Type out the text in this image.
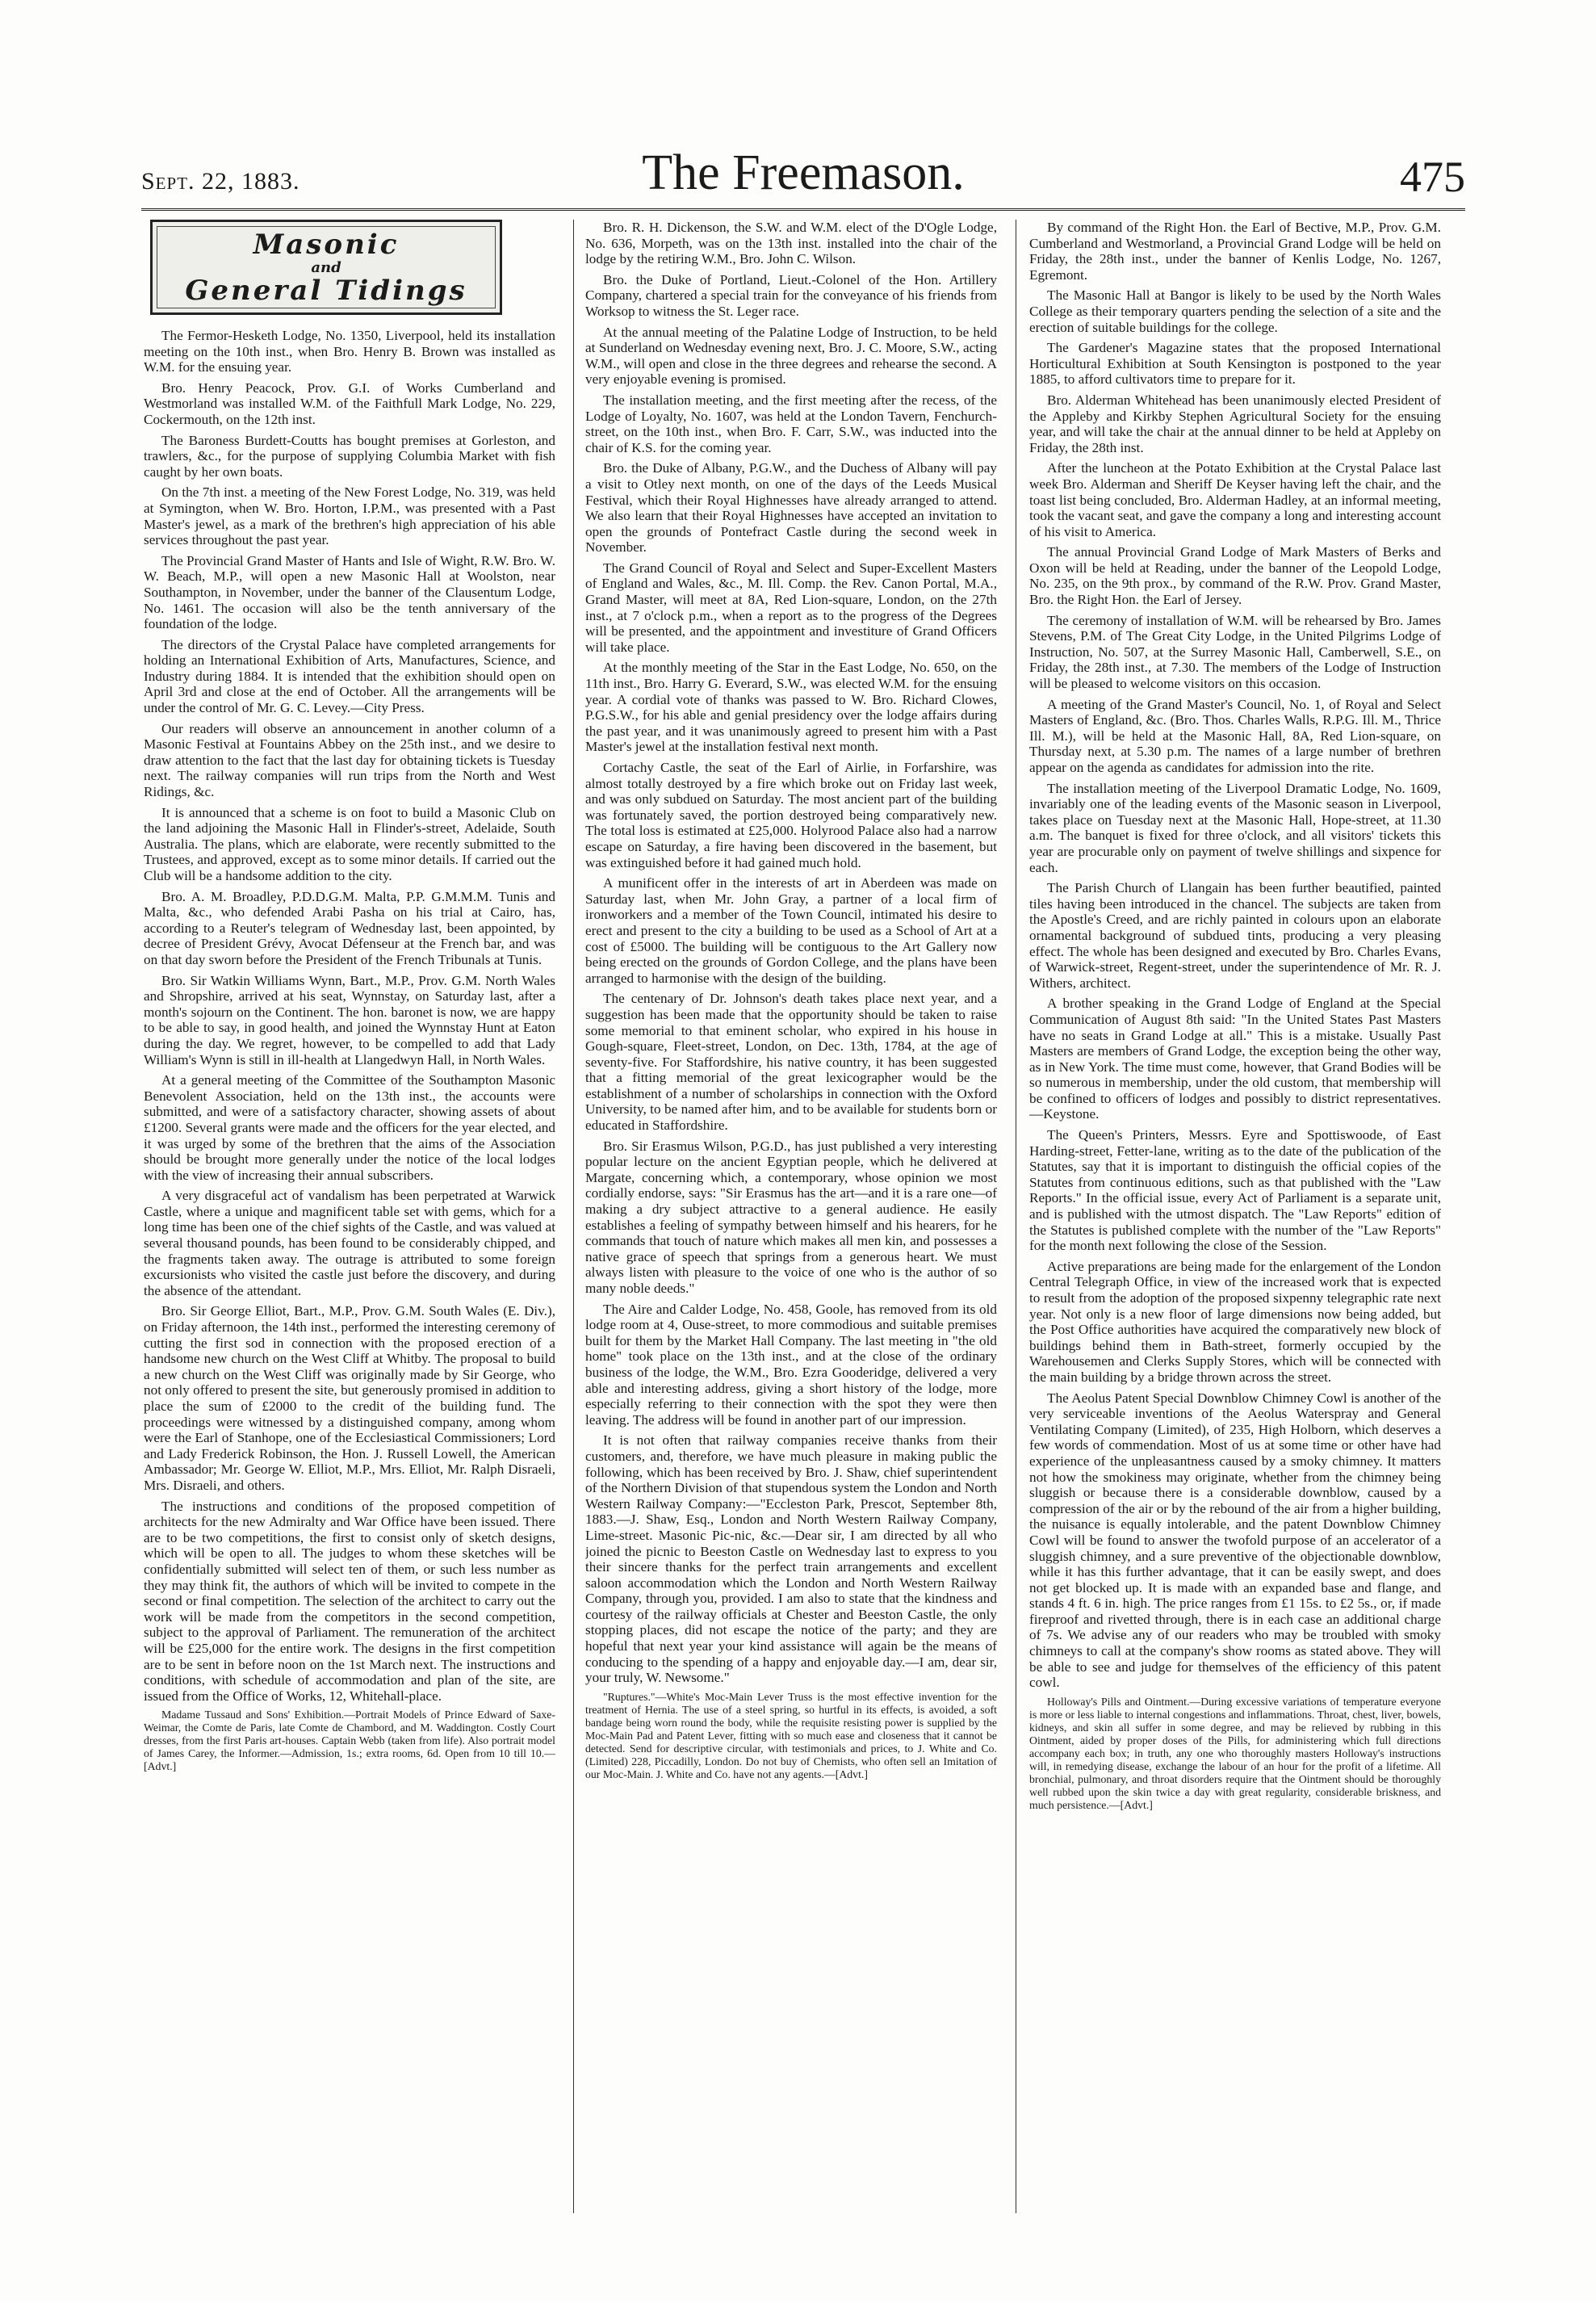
Sept. 22, 1883.	The Freemason.	475
Masonic
and
General Tidings

The Fermor-Hesketh Lodge, No. 1350, Liverpool, held its installation meeting on the 10th inst., when Bro. Henry B. Brown was installed as W.M. for the ensuing year.

Bro. Henry Peacock, Prov. G.I. of Works Cumberland and Westmorland was installed W.M. of the Faithfull Mark Lodge, No. 229, Cockermouth, on the 12th inst.

The Baroness Burdett-Coutts has bought premises at Gorleston, and trawlers, &c., for the purpose of supplying Columbia Market with fish caught by her own boats.

On the 7th inst. a meeting of the New Forest Lodge, No. 319, was held at Symington, when W. Bro. Horton, I.P.M., was presented with a Past Master's jewel, as a mark of the brethren's high appreciation of his able services throughout the past year.

The Provincial Grand Master of Hants and Isle of Wight, R.W. Bro. W. W. Beach, M.P., will open a new Masonic Hall at Woolston, near Southampton, in November, under the banner of the Clausentum Lodge, No. 1461. The occasion will also be the tenth anniversary of the foundation of the lodge.

The directors of the Crystal Palace have completed arrangements for holding an International Exhibition of Arts, Manufactures, Science, and Industry during 1884. It is intended that the exhibition should open on April 3rd and close at the end of October. All the arrangements will be under the control of Mr. G. C. Levey.—City Press.

Our readers will observe an announcement in another column of a Masonic Festival at Fountains Abbey on the 25th inst., and we desire to draw attention to the fact that the last day for obtaining tickets is Tuesday next. The railway companies will run trips from the North and West Ridings, &c.

It is announced that a scheme is on foot to build a Masonic Club on the land adjoining the Masonic Hall in Flinder's-street, Adelaide, South Australia. The plans, which are elaborate, were recently submitted to the Trustees, and approved, except as to some minor details. If carried out the Club will be a handsome addition to the city.

Bro. A. M. Broadley, P.D.D.G.M. Malta, P.P. G.M.M.M. Tunis and Malta, &c., who defended Arabi Pasha on his trial at Cairo, has, according to a Reuter's telegram of Wednesday last, been appointed, by decree of President Grévy, Avocat Défenseur at the French bar, and was on that day sworn before the President of the French Tribunals at Tunis.

Bro. Sir Watkin Williams Wynn, Bart., M.P., Prov. G.M. North Wales and Shropshire, arrived at his seat, Wynnstay, on Saturday last, after a month's sojourn on the Continent. The hon. baronet is now, we are happy to be able to say, in good health, and joined the Wynnstay Hunt at Eaton during the day. We regret, however, to be compelled to add that Lady William's Wynn is still in ill-health at Llangedwyn Hall, in North Wales.

At a general meeting of the Committee of the Southampton Masonic Benevolent Association, held on the 13th inst., the accounts were submitted, and were of a satisfactory character, showing assets of about £1200. Several grants were made and the officers for the year elected, and it was urged by some of the brethren that the aims of the Association should be brought more generally under the notice of the local lodges with the view of increasing their annual subscribers.

A very disgraceful act of vandalism has been perpetrated at Warwick Castle, where a unique and magnificent table set with gems, which for a long time has been one of the chief sights of the Castle, and was valued at several thousand pounds, has been found to be considerably chipped, and the fragments taken away. The outrage is attributed to some foreign excursionists who visited the castle just before the discovery, and during the absence of the attendant.

Bro. Sir George Elliot, Bart., M.P., Prov. G.M. South Wales (E. Div.), on Friday afternoon, the 14th inst., performed the interesting ceremony of cutting the first sod in connection with the proposed erection of a handsome new church on the West Cliff at Whitby. The proposal to build a new church on the West Cliff was originally made by Sir George, who not only offered to present the site, but generously promised in addition to place the sum of £2000 to the credit of the building fund. The proceedings were witnessed by a distinguished company, among whom were the Earl of Stanhope, one of the Ecclesiastical Commissioners; Lord and Lady Frederick Robinson, the Hon. J. Russell Lowell, the American Ambassador; Mr. George W. Elliot, M.P., Mrs. Elliot, Mr. Ralph Disraeli, Mrs. Disraeli, and others.

The instructions and conditions of the proposed competition of architects for the new Admiralty and War Office have been issued. There are to be two competitions, the first to consist only of sketch designs, which will be open to all. The judges to whom these sketches will be confidentially submitted will select ten of them, or such less number as they may think fit, the authors of which will be invited to compete in the second or final competition. The selection of the architect to carry out the work will be made from the competitors in the second competition, subject to the approval of Parliament. The remuneration of the architect will be £25,000 for the entire work. The designs in the first competition are to be sent in before noon on the 1st March next. The instructions and conditions, with schedule of accommodation and plan of the site, are issued from the Office of Works, 12, Whitehall-place.

Madame Tussaud and Sons' Exhibition.—Portrait Models of Prince Edward of Saxe-Weimar, the Comte de Paris, late Comte de Chambord, and M. Waddington. Costly Court dresses, from the first Paris art-houses. Captain Webb (taken from life). Also portrait model of James Carey, the Informer.—Admission, 1s.; extra rooms, 6d. Open from 10 till 10.—[Advt.]

Bro. R. H. Dickenson, the S.W. and W.M. elect of the D'Ogle Lodge, No. 636, Morpeth, was on the 13th inst. installed into the chair of the lodge by the retiring W.M., Bro. John C. Wilson.

Bro. the Duke of Portland, Lieut.-Colonel of the Hon. Artillery Company, chartered a special train for the conveyance of his friends from Worksop to witness the St. Leger race.

At the annual meeting of the Palatine Lodge of Instruction, to be held at Sunderland on Wednesday evening next, Bro. J. C. Moore, S.W., acting W.M., will open and close in the three degrees and rehearse the second. A very enjoyable evening is promised.

The installation meeting, and the first meeting after the recess, of the Lodge of Loyalty, No. 1607, was held at the London Tavern, Fenchurch-street, on the 10th inst., when Bro. F. Carr, S.W., was inducted into the chair of K.S. for the coming year.

Bro. the Duke of Albany, P.G.W., and the Duchess of Albany will pay a visit to Otley next month, on one of the days of the Leeds Musical Festival, which their Royal Highnesses have already arranged to attend. We also learn that their Royal Highnesses have accepted an invitation to open the grounds of Pontefract Castle during the second week in November.

The Grand Council of Royal and Select and Super-Excellent Masters of England and Wales, &c., M. Ill. Comp. the Rev. Canon Portal, M.A., Grand Master, will meet at 8A, Red Lion-square, London, on the 27th inst., at 7 o'clock p.m., when a report as to the progress of the Degrees will be presented, and the appointment and investiture of Grand Officers will take place.

At the monthly meeting of the Star in the East Lodge, No. 650, on the 11th inst., Bro. Harry G. Everard, S.W., was elected W.M. for the ensuing year. A cordial vote of thanks was passed to W. Bro. Richard Clowes, P.G.S.W., for his able and genial presidency over the lodge affairs during the past year, and it was unanimously agreed to present him with a Past Master's jewel at the installation festival next month.

Cortachy Castle, the seat of the Earl of Airlie, in Forfarshire, was almost totally destroyed by a fire which broke out on Friday last week, and was only subdued on Saturday. The most ancient part of the building was fortunately saved, the portion destroyed being comparatively new. The total loss is estimated at £25,000. Holyrood Palace also had a narrow escape on Saturday, a fire having been discovered in the basement, but was extinguished before it had gained much hold.

A munificent offer in the interests of art in Aberdeen was made on Saturday last, when Mr. John Gray, a partner of a local firm of ironworkers and a member of the Town Council, intimated his desire to erect and present to the city a building to be used as a School of Art at a cost of £5000. The building will be contiguous to the Art Gallery now being erected on the grounds of Gordon College, and the plans have been arranged to harmonise with the design of the building.

The centenary of Dr. Johnson's death takes place next year, and a suggestion has been made that the opportunity should be taken to raise some memorial to that eminent scholar, who expired in his house in Gough-square, Fleet-street, London, on Dec. 13th, 1784, at the age of seventy-five. For Staffordshire, his native country, it has been suggested that a fitting memorial of the great lexicographer would be the establishment of a number of scholarships in connection with the Oxford University, to be named after him, and to be available for students born or educated in Staffordshire.

Bro. Sir Erasmus Wilson, P.G.D., has just published a very interesting popular lecture on the ancient Egyptian people, which he delivered at Margate, concerning which, a contemporary, whose opinion we most cordially endorse, says: "Sir Erasmus has the art—and it is a rare one—of making a dry subject attractive to a general audience. He easily establishes a feeling of sympathy between himself and his hearers, for he commands that touch of nature which makes all men kin, and possesses a native grace of speech that springs from a generous heart. We must always listen with pleasure to the voice of one who is the author of so many noble deeds."

The Aire and Calder Lodge, No. 458, Goole, has removed from its old lodge room at 4, Ouse-street, to more commodious and suitable premises built for them by the Market Hall Company. The last meeting in "the old home" took place on the 13th inst., and at the close of the ordinary business of the lodge, the W.M., Bro. Ezra Gooderidge, delivered a very able and interesting address, giving a short history of the lodge, more especially referring to their connection with the spot they were then leaving. The address will be found in another part of our impression.

It is not often that railway companies receive thanks from their customers, and, therefore, we have much pleasure in making public the following, which has been received by Bro. J. Shaw, chief superintendent of the Northern Division of that stupendous system the London and North Western Railway Company:—"Eccleston Park, Prescot, September 8th, 1883.—J. Shaw, Esq., London and North Western Railway Company, Lime-street. Masonic Pic-nic, &c.—Dear sir, I am directed by all who joined the picnic to Beeston Castle on Wednesday last to express to you their sincere thanks for the perfect train arrangements and excellent saloon accommodation which the London and North Western Railway Company, through you, provided. I am also to state that the kindness and courtesy of the railway officials at Chester and Beeston Castle, the only stopping places, did not escape the notice of the party; and they are hopeful that next year your kind assistance will again be the means of conducing to the spending of a happy and enjoyable day.—I am, dear sir, your truly, W. Newsome."

"Ruptures."—White's Moc-Main Lever Truss is the most effective invention for the treatment of Hernia. The use of a steel spring, so hurtful in its effects, is avoided, a soft bandage being worn round the body, while the requisite resisting power is supplied by the Moc-Main Pad and Patent Lever, fitting with so much ease and closeness that it cannot be detected. Send for descriptive circular, with testimonials and prices, to J. White and Co. (Limited) 228, Piccadilly, London. Do not buy of Chemists, who often sell an Imitation of our Moc-Main. J. White and Co. have not any agents.—[Advt.]

By command of the Right Hon. the Earl of Bective, M.P., Prov. G.M. Cumberland and Westmorland, a Provincial Grand Lodge will be held on Friday, the 28th inst., under the banner of Kenlis Lodge, No. 1267, Egremont.

The Masonic Hall at Bangor is likely to be used by the North Wales College as their temporary quarters pending the selection of a site and the erection of suitable buildings for the college.

The Gardener's Magazine states that the proposed International Horticultural Exhibition at South Kensington is postponed to the year 1885, to afford cultivators time to prepare for it.

Bro. Alderman Whitehead has been unanimously elected President of the Appleby and Kirkby Stephen Agricultural Society for the ensuing year, and will take the chair at the annual dinner to be held at Appleby on Friday, the 28th inst.

After the luncheon at the Potato Exhibition at the Crystal Palace last week Bro. Alderman and Sheriff De Keyser having left the chair, and the toast list being concluded, Bro. Alderman Hadley, at an informal meeting, took the vacant seat, and gave the company a long and interesting account of his visit to America.

The annual Provincial Grand Lodge of Mark Masters of Berks and Oxon will be held at Reading, under the banner of the Leopold Lodge, No. 235, on the 9th prox., by command of the R.W. Prov. Grand Master, Bro. the Right Hon. the Earl of Jersey.

The ceremony of installation of W.M. will be rehearsed by Bro. James Stevens, P.M. of The Great City Lodge, in the United Pilgrims Lodge of Instruction, No. 507, at the Surrey Masonic Hall, Camberwell, S.E., on Friday, the 28th inst., at 7.30. The members of the Lodge of Instruction will be pleased to welcome visitors on this occasion.

A meeting of the Grand Master's Council, No. 1, of Royal and Select Masters of England, &c. (Bro. Thos. Charles Walls, R.P.G. Ill. M., Thrice Ill. M.), will be held at the Masonic Hall, 8A, Red Lion-square, on Thursday next, at 5.30 p.m. The names of a large number of brethren appear on the agenda as candidates for admission into the rite.

The installation meeting of the Liverpool Dramatic Lodge, No. 1609, invariably one of the leading events of the Masonic season in Liverpool, takes place on Tuesday next at the Masonic Hall, Hope-street, at 11.30 a.m. The banquet is fixed for three o'clock, and all visitors' tickets this year are procurable only on payment of twelve shillings and sixpence for each.

The Parish Church of Llangain has been further beautified, painted tiles having been introduced in the chancel. The subjects are taken from the Apostle's Creed, and are richly painted in colours upon an elaborate ornamental background of subdued tints, producing a very pleasing effect. The whole has been designed and executed by Bro. Charles Evans, of Warwick-street, Regent-street, under the superintendence of Mr. R. J. Withers, architect.

A brother speaking in the Grand Lodge of England at the Special Communication of August 8th said: "In the United States Past Masters have no seats in Grand Lodge at all." This is a mistake. Usually Past Masters are members of Grand Lodge, the exception being the other way, as in New York. The time must come, however, that Grand Bodies will be so numerous in membership, under the old custom, that membership will be confined to officers of lodges and possibly to district representatives.—Keystone.

The Queen's Printers, Messrs. Eyre and Spottiswoode, of East Harding-street, Fetter-lane, writing as to the date of the publication of the Statutes, say that it is important to distinguish the official copies of the Statutes from continuous editions, such as that published with the "Law Reports." In the official issue, every Act of Parliament is a separate unit, and is published with the utmost dispatch. The "Law Reports" edition of the Statutes is published complete with the number of the "Law Reports" for the month next following the close of the Session.

Active preparations are being made for the enlargement of the London Central Telegraph Office, in view of the increased work that is expected to result from the adoption of the proposed sixpenny telegraphic rate next year. Not only is a new floor of large dimensions now being added, but the Post Office authorities have acquired the comparatively new block of buildings behind them in Bath-street, formerly occupied by the Warehousemen and Clerks Supply Stores, which will be connected with the main building by a bridge thrown across the street.

The Aeolus Patent Special Downblow Chimney Cowl is another of the very serviceable inventions of the Aeolus Waterspray and General Ventilating Company (Limited), of 235, High Holborn, which deserves a few words of commendation. Most of us at some time or other have had experience of the unpleasantness caused by a smoky chimney. It matters not how the smokiness may originate, whether from the chimney being sluggish or because there is a considerable downblow, caused by a compression of the air or by the rebound of the air from a higher building, the nuisance is equally intolerable, and the patent Downblow Chimney Cowl will be found to answer the twofold purpose of an accelerator of a sluggish chimney, and a sure preventive of the objectionable downblow, while it has this further advantage, that it can be easily swept, and does not get blocked up. It is made with an expanded base and flange, and stands 4 ft. 6 in. high. The price ranges from £1 15s. to £2 5s., or, if made fireproof and rivetted through, there is in each case an additional charge of 7s. We advise any of our readers who may be troubled with smoky chimneys to call at the company's show rooms as stated above. They will be able to see and judge for themselves of the efficiency of this patent cowl.

Holloway's Pills and Ointment.—During excessive variations of temperature everyone is more or less liable to internal congestions and inflammations. Throat, chest, liver, bowels, kidneys, and skin all suffer in some degree, and may be relieved by rubbing in this Ointment, aided by proper doses of the Pills, for administering which full directions accompany each box; in truth, any one who thoroughly masters Holloway's instructions will, in remedying disease, exchange the labour of an hour for the profit of a lifetime. All bronchial, pulmonary, and throat disorders require that the Ointment should be thoroughly well rubbed upon the skin twice a day with great regularity, considerable briskness, and much persistence.—[Advt.]
